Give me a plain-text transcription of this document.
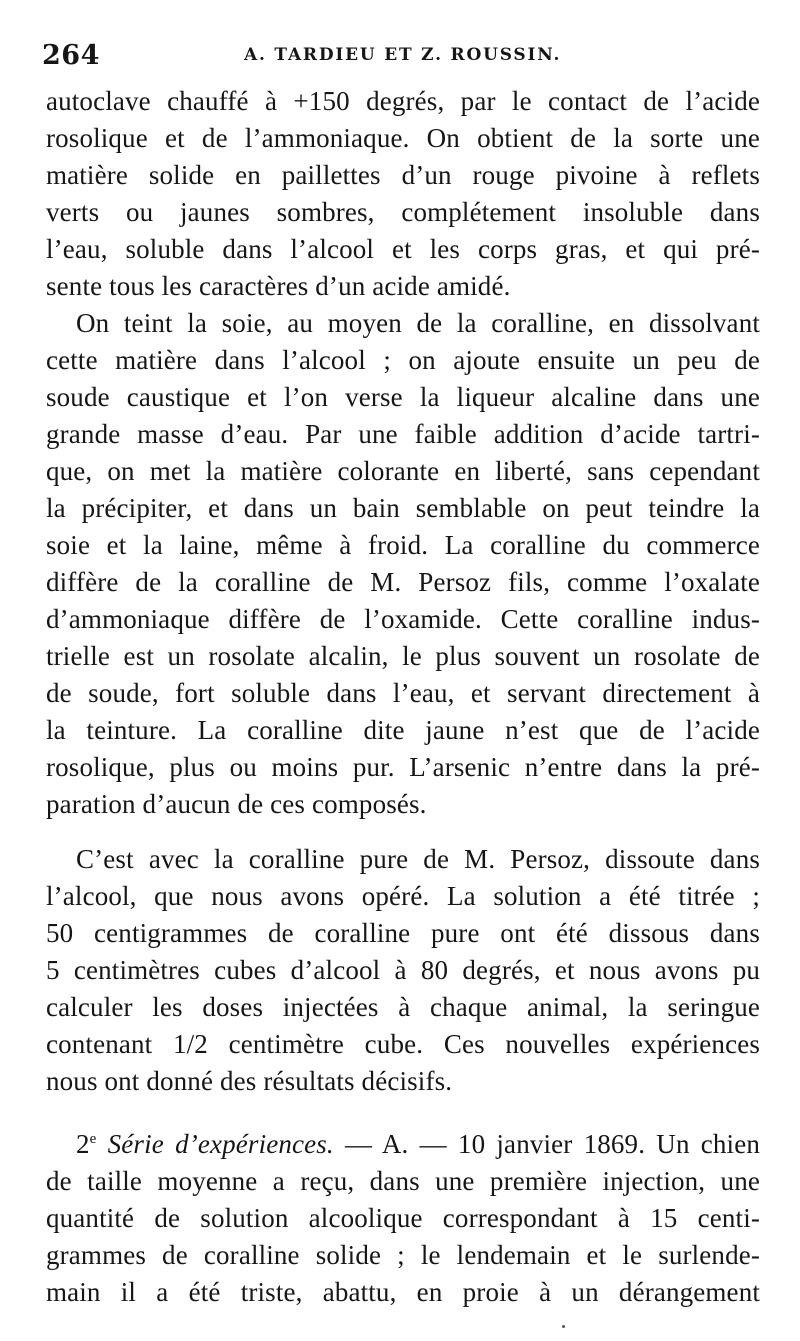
264	A. TARDIEU ET Z. ROUSSIN.
autoclave chauffé à +150 degrés, par le contact de l’acide
rosolique et de l’ammoniaque. On obtient de la sorte une
matière solide en paillettes d’un rouge pivoine à reflets
verts ou jaunes sombres, complétement insoluble dans
l’eau, soluble dans l’alcool et les corps gras, et qui pré-
sente tous les caractères d’un acide amidé.
On teint la soie, au moyen de la coralline, en dissolvant
cette matière dans l’alcool ; on ajoute ensuite un peu de
soude caustique et l’on verse la liqueur alcaline dans une
grande masse d’eau. Par une faible addition d’acide tartri-
que, on met la matière colorante en liberté, sans cependant
la précipiter, et dans un bain semblable on peut teindre la
soie et la laine, même à froid. La coralline du commerce
diffère de la coralline de M. Persoz fils, comme l’oxalate
d’ammoniaque diffère de l’oxamide. Cette coralline indus-
trielle est un rosolate alcalin, le plus souvent un rosolate de
de soude, fort soluble dans l’eau, et servant directement à
la teinture. La coralline dite jaune n’est que de l’acide
rosolique, plus ou moins pur. L’arsenic n’entre dans la pré-
paration d’aucun de ces composés.
C’est avec la coralline pure de M. Persoz, dissoute dans
l’alcool, que nous avons opéré. La solution a été titrée ;
50 centigrammes de coralline pure ont été dissous dans
5 centimètres cubes d’alcool à 80 degrés, et nous avons pu
calculer les doses injectées à chaque animal, la seringue
contenant 1/2 centimètre cube. Ces nouvelles expériences
nous ont donné des résultats décisifs.
2e Série d’expériences. — A. — 10 janvier 1869. Un chien
de taille moyenne a reçu, dans une première injection, une
quantité de solution alcoolique correspondant à 15 centi-
grammes de coralline solide ; le lendemain et le surlende-
main il a été triste, abattu, en proie à un dérangement
